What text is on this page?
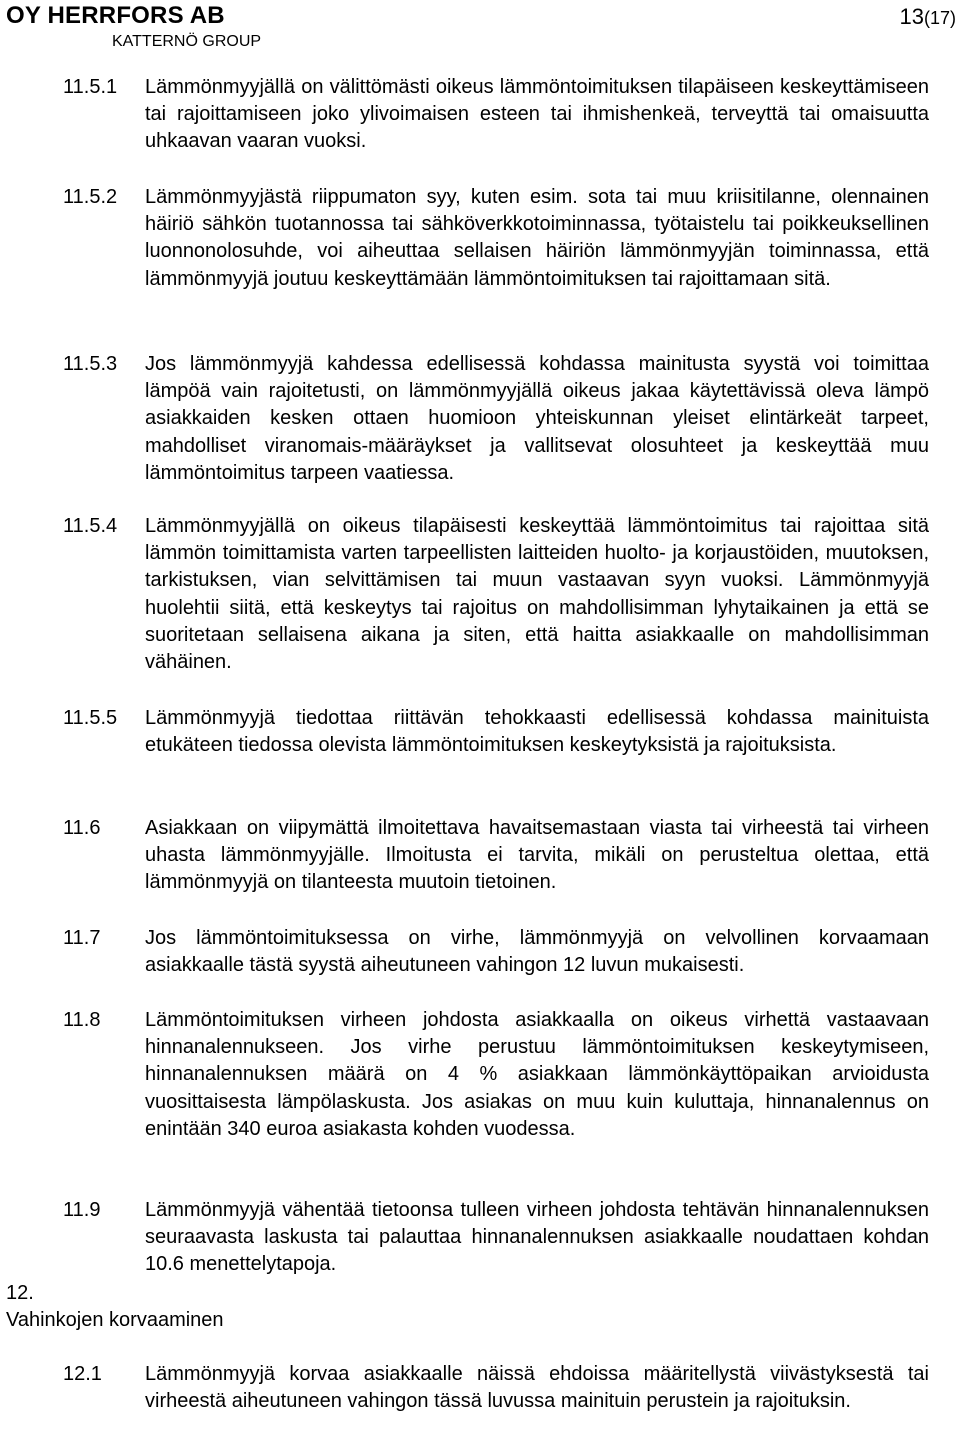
OY HERRFORS AB
KATTERNÖ GROUP
13(17)
11.5.1 Lämmönmyyjällä on välittömästi oikeus lämmöntoimituksen tilapäiseen keskeyttämiseen tai rajoittamiseen joko ylivoimaisen esteen tai ihmishenkeä, terveyttä tai omaisuutta uhkaavan vaaran vuoksi.
11.5.2 Lämmönmyyjästä riippumaton syy, kuten esim. sota tai muu kriisitilanne, olennainen häiriö sähkön tuotannossa tai sähköverkkotoiminnassa, työtaistelu tai poikkeuksellinen luonnonolosuhde, voi aiheuttaa sellaisen häiriön lämmönmyyjän toiminnassa, että lämmönmyyjä joutuu keskeyttämään lämmöntoimituksen tai rajoittamaan sitä.
11.5.3 Jos lämmönmyyjä kahdessa edellisessä kohdassa mainitusta syystä voi toimittaa lämpöä vain rajoitetusti, on lämmönmyyjällä oikeus jakaa käytettävissä oleva lämpö asiakkaiden kesken ottaen huomioon yhteiskunnan yleiset elintärkeät tarpeet, mahdolliset viranomais-määräykset ja vallitsevat olosuhteet ja keskeyttää muu lämmöntoimitus tarpeen vaatiessa.
11.5.4 Lämmönmyyjällä on oikeus tilapäisesti keskeyttää lämmöntoimitus tai rajoittaa sitä lämmön toimittamista varten tarpeellisten laitteiden huolto- ja korjaustöiden, muutoksen, tarkistuksen, vian selvittämisen tai muun vastaavan syyn vuoksi. Lämmönmyyjä huolehtii siitä, että keskeytys tai rajoitus on mahdollisimman lyhytaikainen ja että se suoritetaan sellaisena aikana ja siten, että haitta asiakkaalle on mahdollisimman vähäinen.
11.5.5 Lämmönmyyjä tiedottaa riittävän tehokkaasti edellisessä kohdassa mainituista etukäteen tiedossa olevista lämmöntoimituksen keskeytyksistä ja rajoituksista.
11.6 Asiakkaan on viipymättä ilmoitettava havaitsemastaan viasta tai virheestä tai virheen uhasta lämmönmyyjälle. Ilmoitusta ei tarvita, mikäli on perusteltua olettaa, että lämmönmyyjä on tilanteesta muutoin tietoinen.
11.7 Jos lämmöntoimituksessa on virhe, lämmönmyyjä on velvollinen korvaamaan asiakkaalle tästä syystä aiheutuneen vahingon 12 luvun mukaisesti.
11.8 Lämmöntoimituksen virheen johdosta asiakkaalla on oikeus virhettä vastaavaan hinnanalennukseen. Jos virhe perustuu lämmöntoimituksen keskeytymiseen, hinnanalennuksen määrä on 4 % asiakkaan lämmönkäyttöpaikan arvioidusta vuosittaisesta lämpölaskusta. Jos asiakas on muu kuin kuluttaja, hinnanalennus on enintään 340 euroa asiakasta kohden vuodessa.
11.9 Lämmönmyyjä vähentää tietoonsa tulleen virheen johdosta tehtävän hinnanalennuksen seuraavasta laskusta tai palauttaa hinnanalennuksen asiakkaalle noudattaen kohdan 10.6 menettelytapoja.
12.
Vahinkojen korvaaminen
12.1 Lämmönmyyjä korvaa asiakkaalle näissä ehdoissa määritellystä viivästyksestä tai virheestä aiheutuneen vahingon tässä luvussa mainituin perustein ja rajoituksin.
